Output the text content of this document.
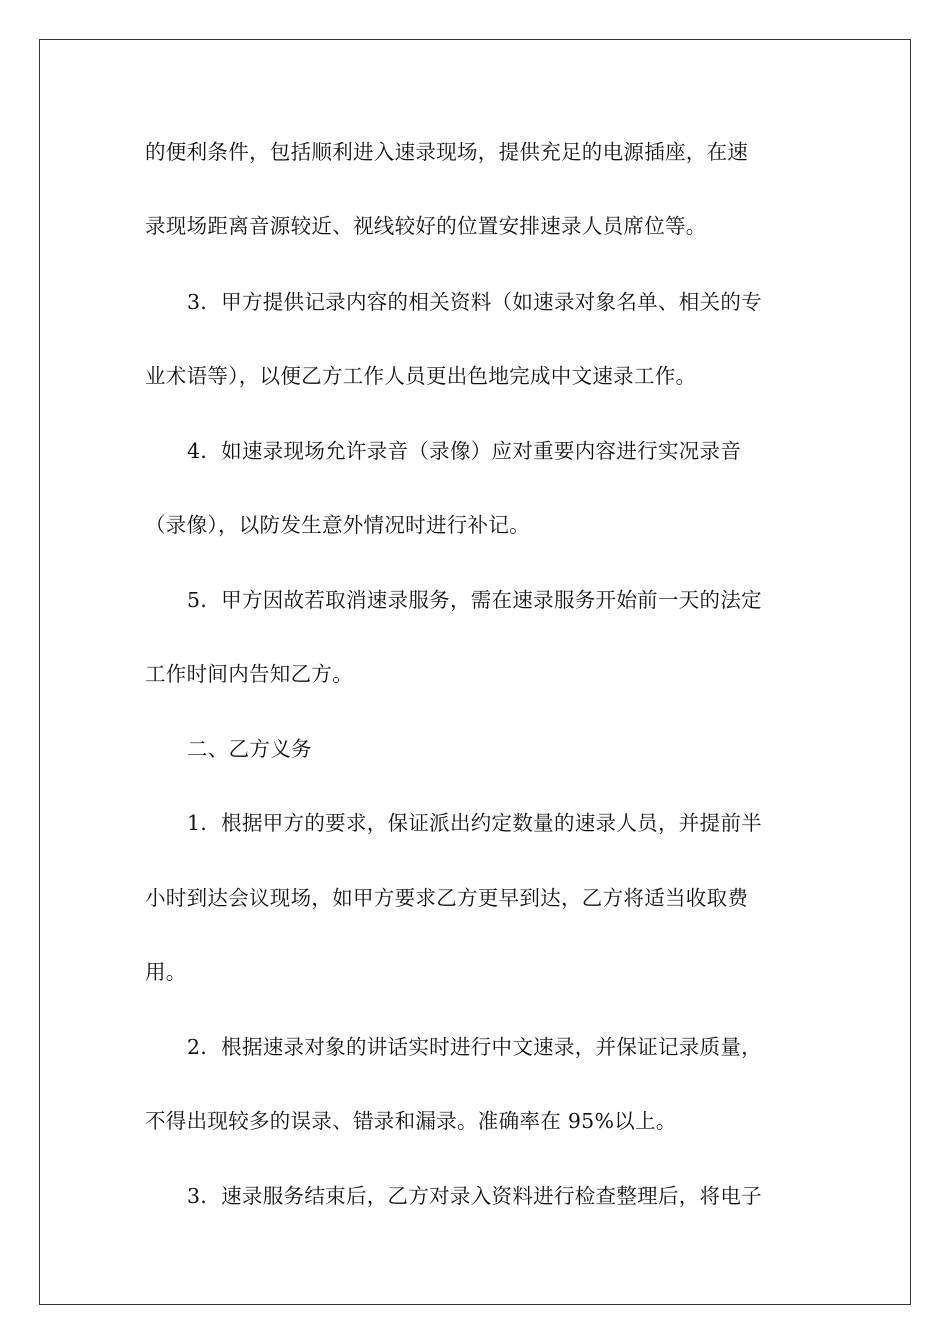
的便利条件，包括顺利进入速录现场，提供充足的电源插座，在速
录现场距离音源较近、视线较好的位置安排速录人员席位等。
3．甲方提供记录内容的相关资料（如速录对象名单、相关的专
业术语等），以便乙方工作人员更出色地完成中文速录工作。
4．如速录现场允许录音（录像）应对重要内容进行实况录音
（录像），以防发生意外情况时进行补记。
5．甲方因故若取消速录服务，需在速录服务开始前一天的法定
工作时间内告知乙方。
二、乙方义务
1．根据甲方的要求，保证派出约定数量的速录人员，并提前半
小时到达会议现场，如甲方要求乙方更早到达，乙方将适当收取费
用。
2．根据速录对象的讲话实时进行中文速录，并保证记录质量，
不得出现较多的误录、错录和漏录。准确率在 95%以上。
3．速录服务结束后，乙方对录入资料进行检查整理后，将电子
